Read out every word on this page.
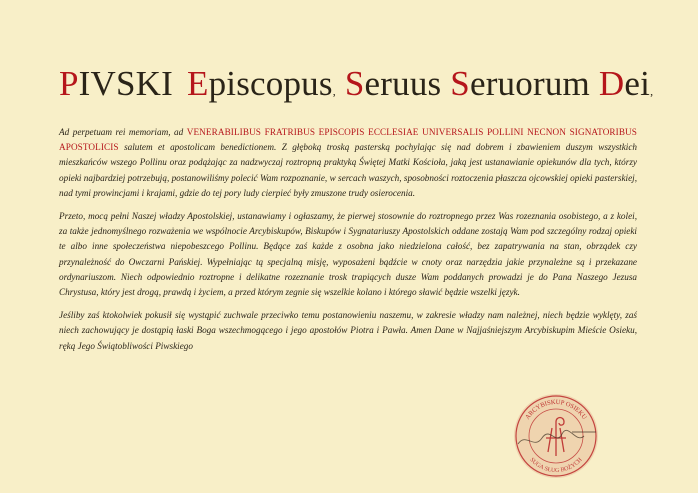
PIVSKI Episcopus, Seruus Seruorum Dei,

Ad perpetuam rei memoriam, ad VENERABILIBUS FRATRIBUS EPISCOPIS ECCLESIAE UNIVERSALIS POLLINI NECNON SIGNATORIBUS APOSTOLICIS salutem et apostolicam benedictionem. Z głęboką troską pasterską pochylając się nad dobrem i zbawieniem duszym wszystkich mieszkańców wszego Pollinu oraz podążając za nadzwyczaj roztropną praktyką Świętej Matki Kościoła, jaką jest ustanawianie opiekunów dla tych, którzy opieki najbardziej potrzebują, postanowiliśmy polecić Wam rozpoznanie, w sercach waszych, sposobności roztoczenia płaszcza ojcowskiej opieki pasterskiej, nad tymi prowincjami i krajami, gdzie do tej pory ludy cierpieć były zmuszone trudy osierocenia.

Przeto, mocą pełni Naszej władzy Apostolskiej, ustanawiamy i ogłaszamy, że pierwej stosownie do roztropnego przez Was rozeznania osobistego, a z kolei, za także jednomyślnego rozważenia we wspólnocie Arcybiskupów, Biskupów i Sygnatariuszy Apostolskich oddane zostają Wam pod szczególny rodzaj opieki te albo inne społeczeństwa niepobeszcego Pollinu. Będące zaś każde z osobna jako niedzielona całość, bez zapatrywania na stan, obrządek czy przynależność do Owczarni Pańskiej. Wypełniając tą specjalną misję, wyposażeni bądźcie w cnoty oraz narzędzia jakie przynależne są i przekazane ordynariuszom. Niech odpowiednio roztropne i delikatne rozeznanie trosk trapiących dusze Wam poddanych prowadzi je do Pana Naszego Jezusa Chrystusa, który jest drogą, prawdą i życiem, a przed którym zegnie się wszelkie kolano i którego sławić będzie wszelki język.

Jeśliby zaś ktokolwiek pokusił się wystąpić zuchwale przeciwko temu postanowieniu naszemu, w zakresie władzy nam należnej, niech będzie wyklęty, zaś niech zachowujący je dostąpią łaski Boga wszechmogącego i jego apostołów Piotra i Pawła. Amen Dane w Najjaśniejszym Arcybiskupim Mieście Osieku, ręką Jego Świątobliwości Piwskiego

ARCYBISKUP OSIEKU
SUGA SŁUG BOŻYCH
